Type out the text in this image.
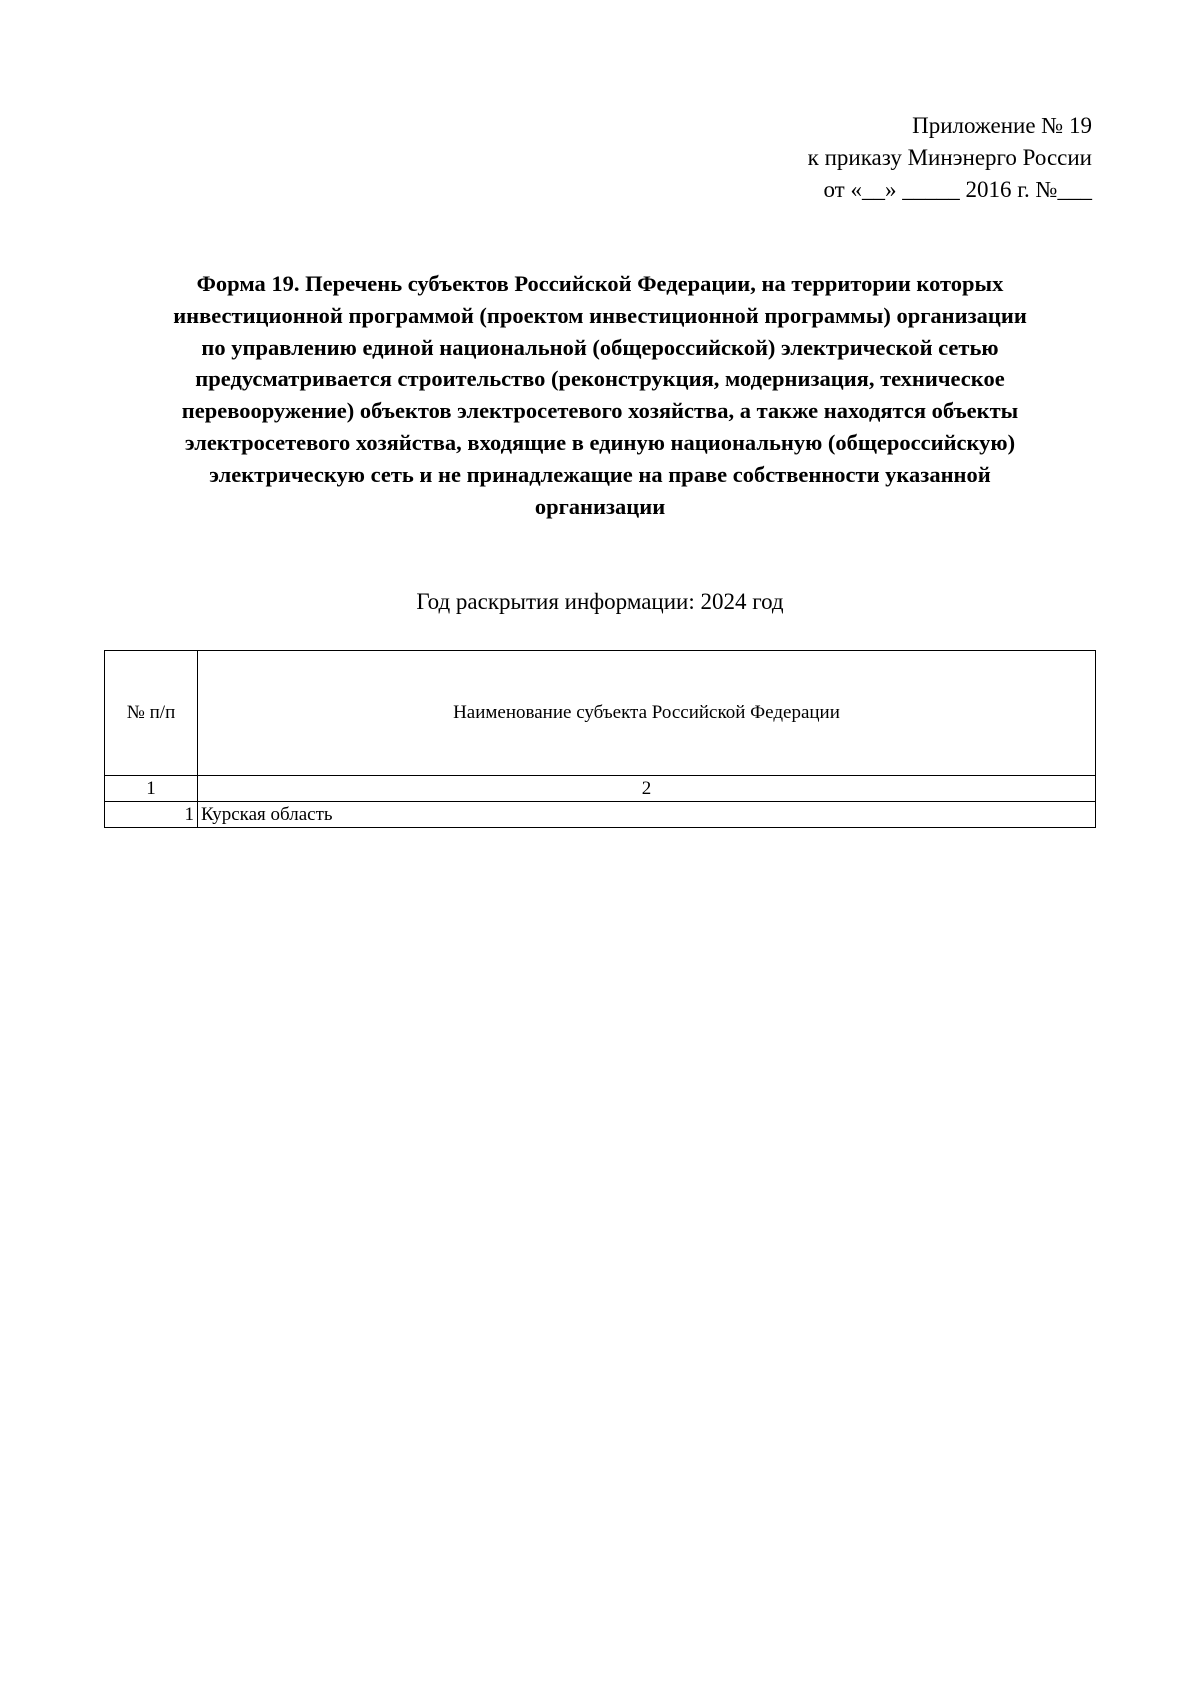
Приложение № 19
к приказу Минэнерго России
от «__» _____ 2016 г. №___
Форма 19. Перечень субъектов Российской Федерации, на территории которых
инвестиционной программой (проектом инвестиционной программы) организации
по управлению единой национальной (общероссийской) электрической сетью
предусматривается строительство (реконструкция, модернизация, техническое
перевооружение) объектов электросетевого хозяйства, а также находятся объекты
электросетевого хозяйства, входящие в единую национальную (общероссийскую)
электрическую сеть и не принадлежащие на праве собственности указанной
организации
Год раскрытия информации: 2024 год
№ п/п	Наименование субъекта Российской Федерации
1	2
1	Курская область
